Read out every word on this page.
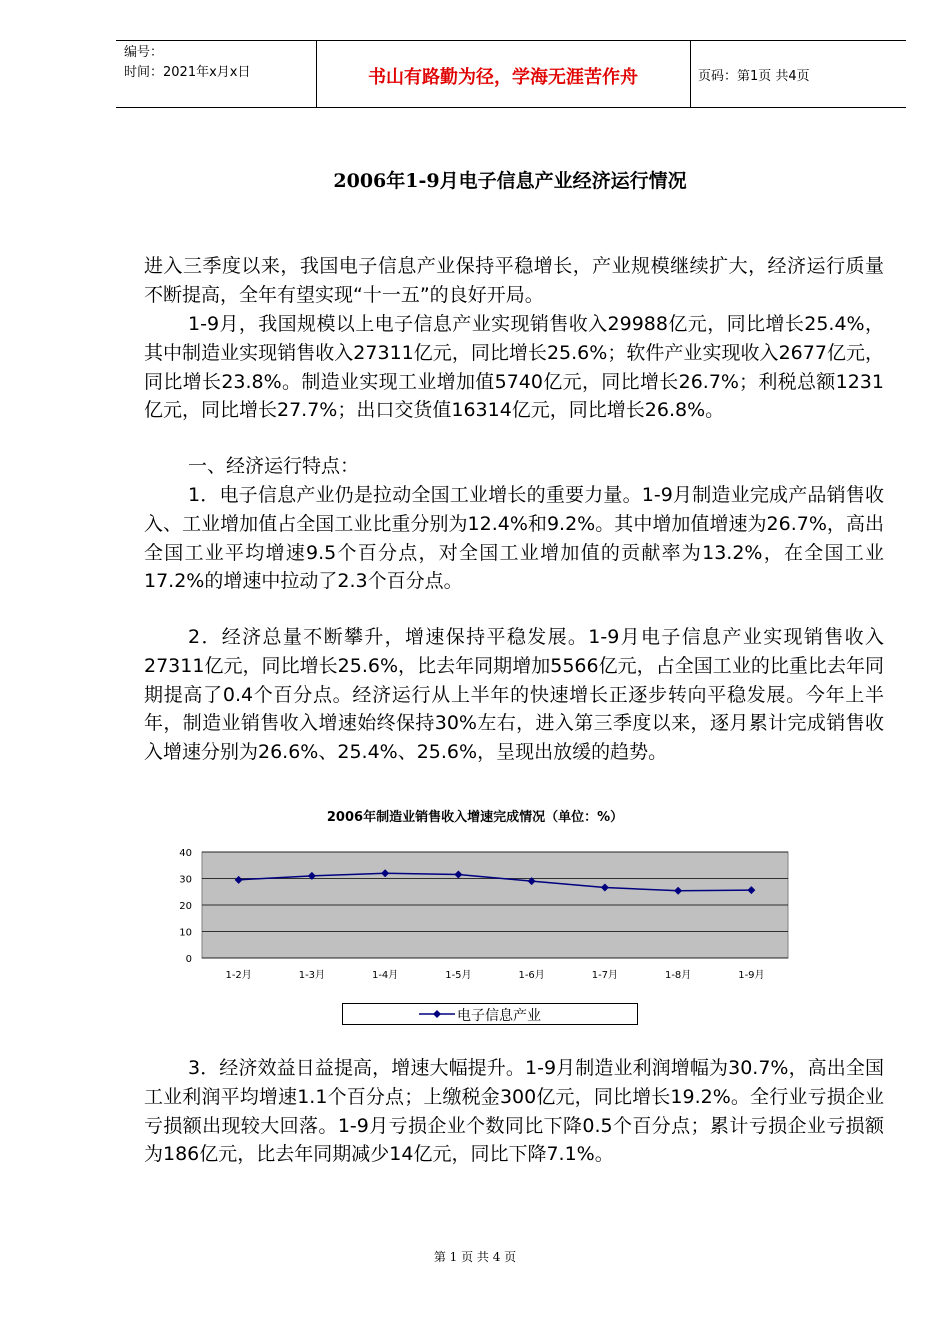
编号：
时间：2021年x月x日	书山有路勤为径，学海无涯苦作舟	页码：第1页 共4页
2006年1-9月电子信息产业经济运行情况

进入三季度以来，我国电子信息产业保持平稳增长，产业规模继续扩大，经济运行质量不断提高，全年有望实现“十一五”的良好开局。

1-9月，我国规模以上电子信息产业实现销售收入29988亿元，同比增长25.4%，其中制造业实现销售收入27311亿元，同比增长25.6%；软件产业实现收入2677亿元，同比增长23.8%。制造业实现工业增加值5740亿元，同比增长26.7%；利税总额1231亿元，同比增长27.7%；出口交货值16314亿元，同比增长26.8%。

一、经济运行特点：

1．电子信息产业仍是拉动全国工业增长的重要力量。1-9月制造业完成产品销售收入、工业增加值占全国工业比重分别为12.4%和9.2%。其中增加值增速为26.7%，高出全国工业平均增速9.5个百分点，对全国工业增加值的贡献率为13.2%，在全国工业17.2%的增速中拉动了2.3个百分点。

2．经济总量不断攀升，增速保持平稳发展。1-9月电子信息产业实现销售收入27311亿元，同比增长25.6%，比去年同期增加5566亿元，占全国工业的比重比去年同期提高了0.4个百分点。经济运行从上半年的快速增长正逐步转向平稳发展。今年上半年，制造业销售收入增速始终保持30%左右，进入第三季度以来，逐月累计完成销售收入增速分别为26.6%、25.4%、25.6%，呈现出放缓的趋势。

2006年制造业销售收入增速完成情况（单位：%）
0
10
20
30
40
1-2月	1-3月	1-4月	1-5月	1-6月	1-7月	1-8月	1-9月
电子信息产业

3．经济效益日益提高，增速大幅提升。1-9月制造业利润增幅为30.7%，高出全国工业利润平均增速1.1个百分点；上缴税金300亿元，同比增长19.2%。全行业亏损企业亏损额出现较大回落。1-9月亏损企业个数同比下降0.5个百分点；累计亏损企业亏损额为186亿元，比去年同期减少14亿元，同比下降7.1%。

第 1 页 共 4 页
